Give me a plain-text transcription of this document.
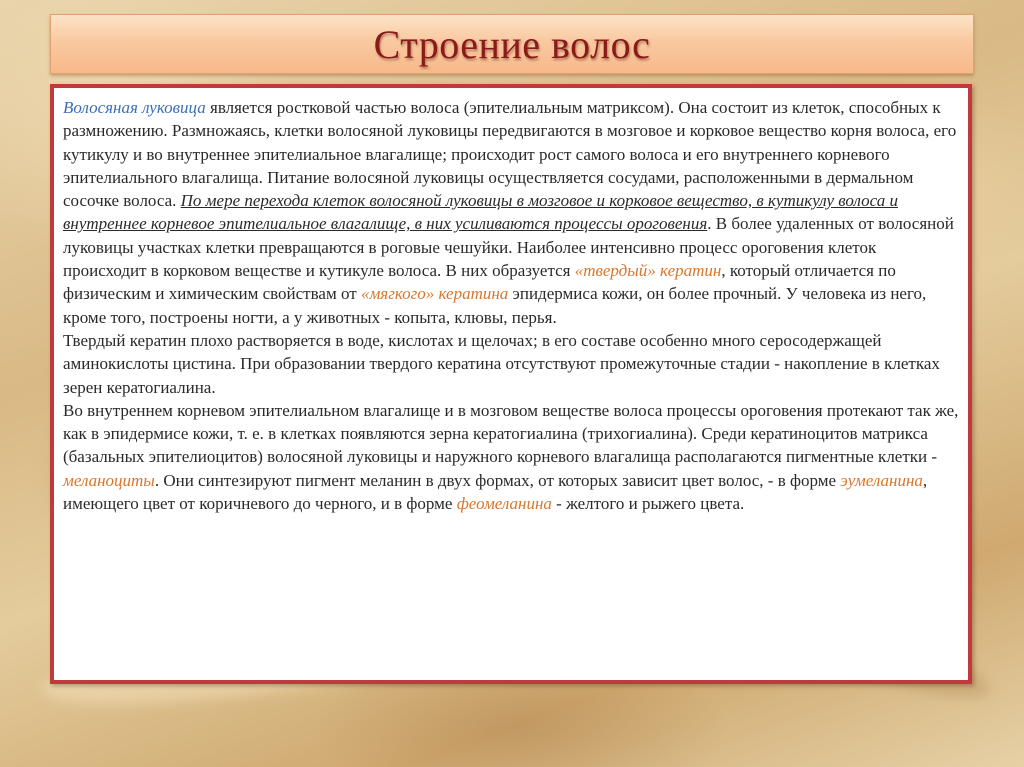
Строение волос

Волосяная луковица является ростковой частью волоса (эпителиальным матриксом). Она состоит из клеток, способных к размножению. Размножаясь, клетки волосяной луковицы передвигаются в мозговое и корковое вещество корня волоса, его кутикулу и во внутреннее эпителиальное влагалище; происходит рост самого волоса и его внутреннего корневого эпителиального влагалища. Питание волосяной луковицы осуществляется сосудами, расположенными в дермальном сосочке волоса. По мере перехода клеток волосяной луковицы в мозговое и корковое вещество, в кутикулу волоса и внутреннее корневое эпителиальное влагалище, в них усиливаются процессы ороговения. В более удаленных от волосяной луковицы участках клетки превращаются в роговые чешуйки. Наиболее интенсивно процесс ороговения клеток происходит в корковом веществе и кутикуле волоса. В них образуется «твердый» кератин, который отличается по физическим и химическим свойствам от «мягкого» кератина эпидермиса кожи, он более прочный. У человека из него, кроме того, построены ногти, а у животных - копыта, клювы, перья.

Твердый кератин плохо растворяется в воде, кислотах и щелочах; в его составе особенно много серосодержащей аминокислоты цистина. При образовании твердого кератина отсутствуют промежуточные стадии - накопление в клетках зерен кератогиалина.

Во внутреннем корневом эпителиальном влагалище и в мозговом веществе волоса процессы ороговения протекают так же, как в эпидермисе кожи, т. е. в клетках появляются зерна кератогиалина (трихогиалина). Среди кератиноцитов матрикса (базальных эпителиоцитов) волосяной луковицы и наружного корневого влагалища располагаются пигментные клетки - меланоциты. Они синтезируют пигмент меланин в двух формах, от которых зависит цвет волос, - в форме эумеланина, имеющего цвет от коричневого до черного, и в форме феомеланина - желтого и рыжего цвета.
